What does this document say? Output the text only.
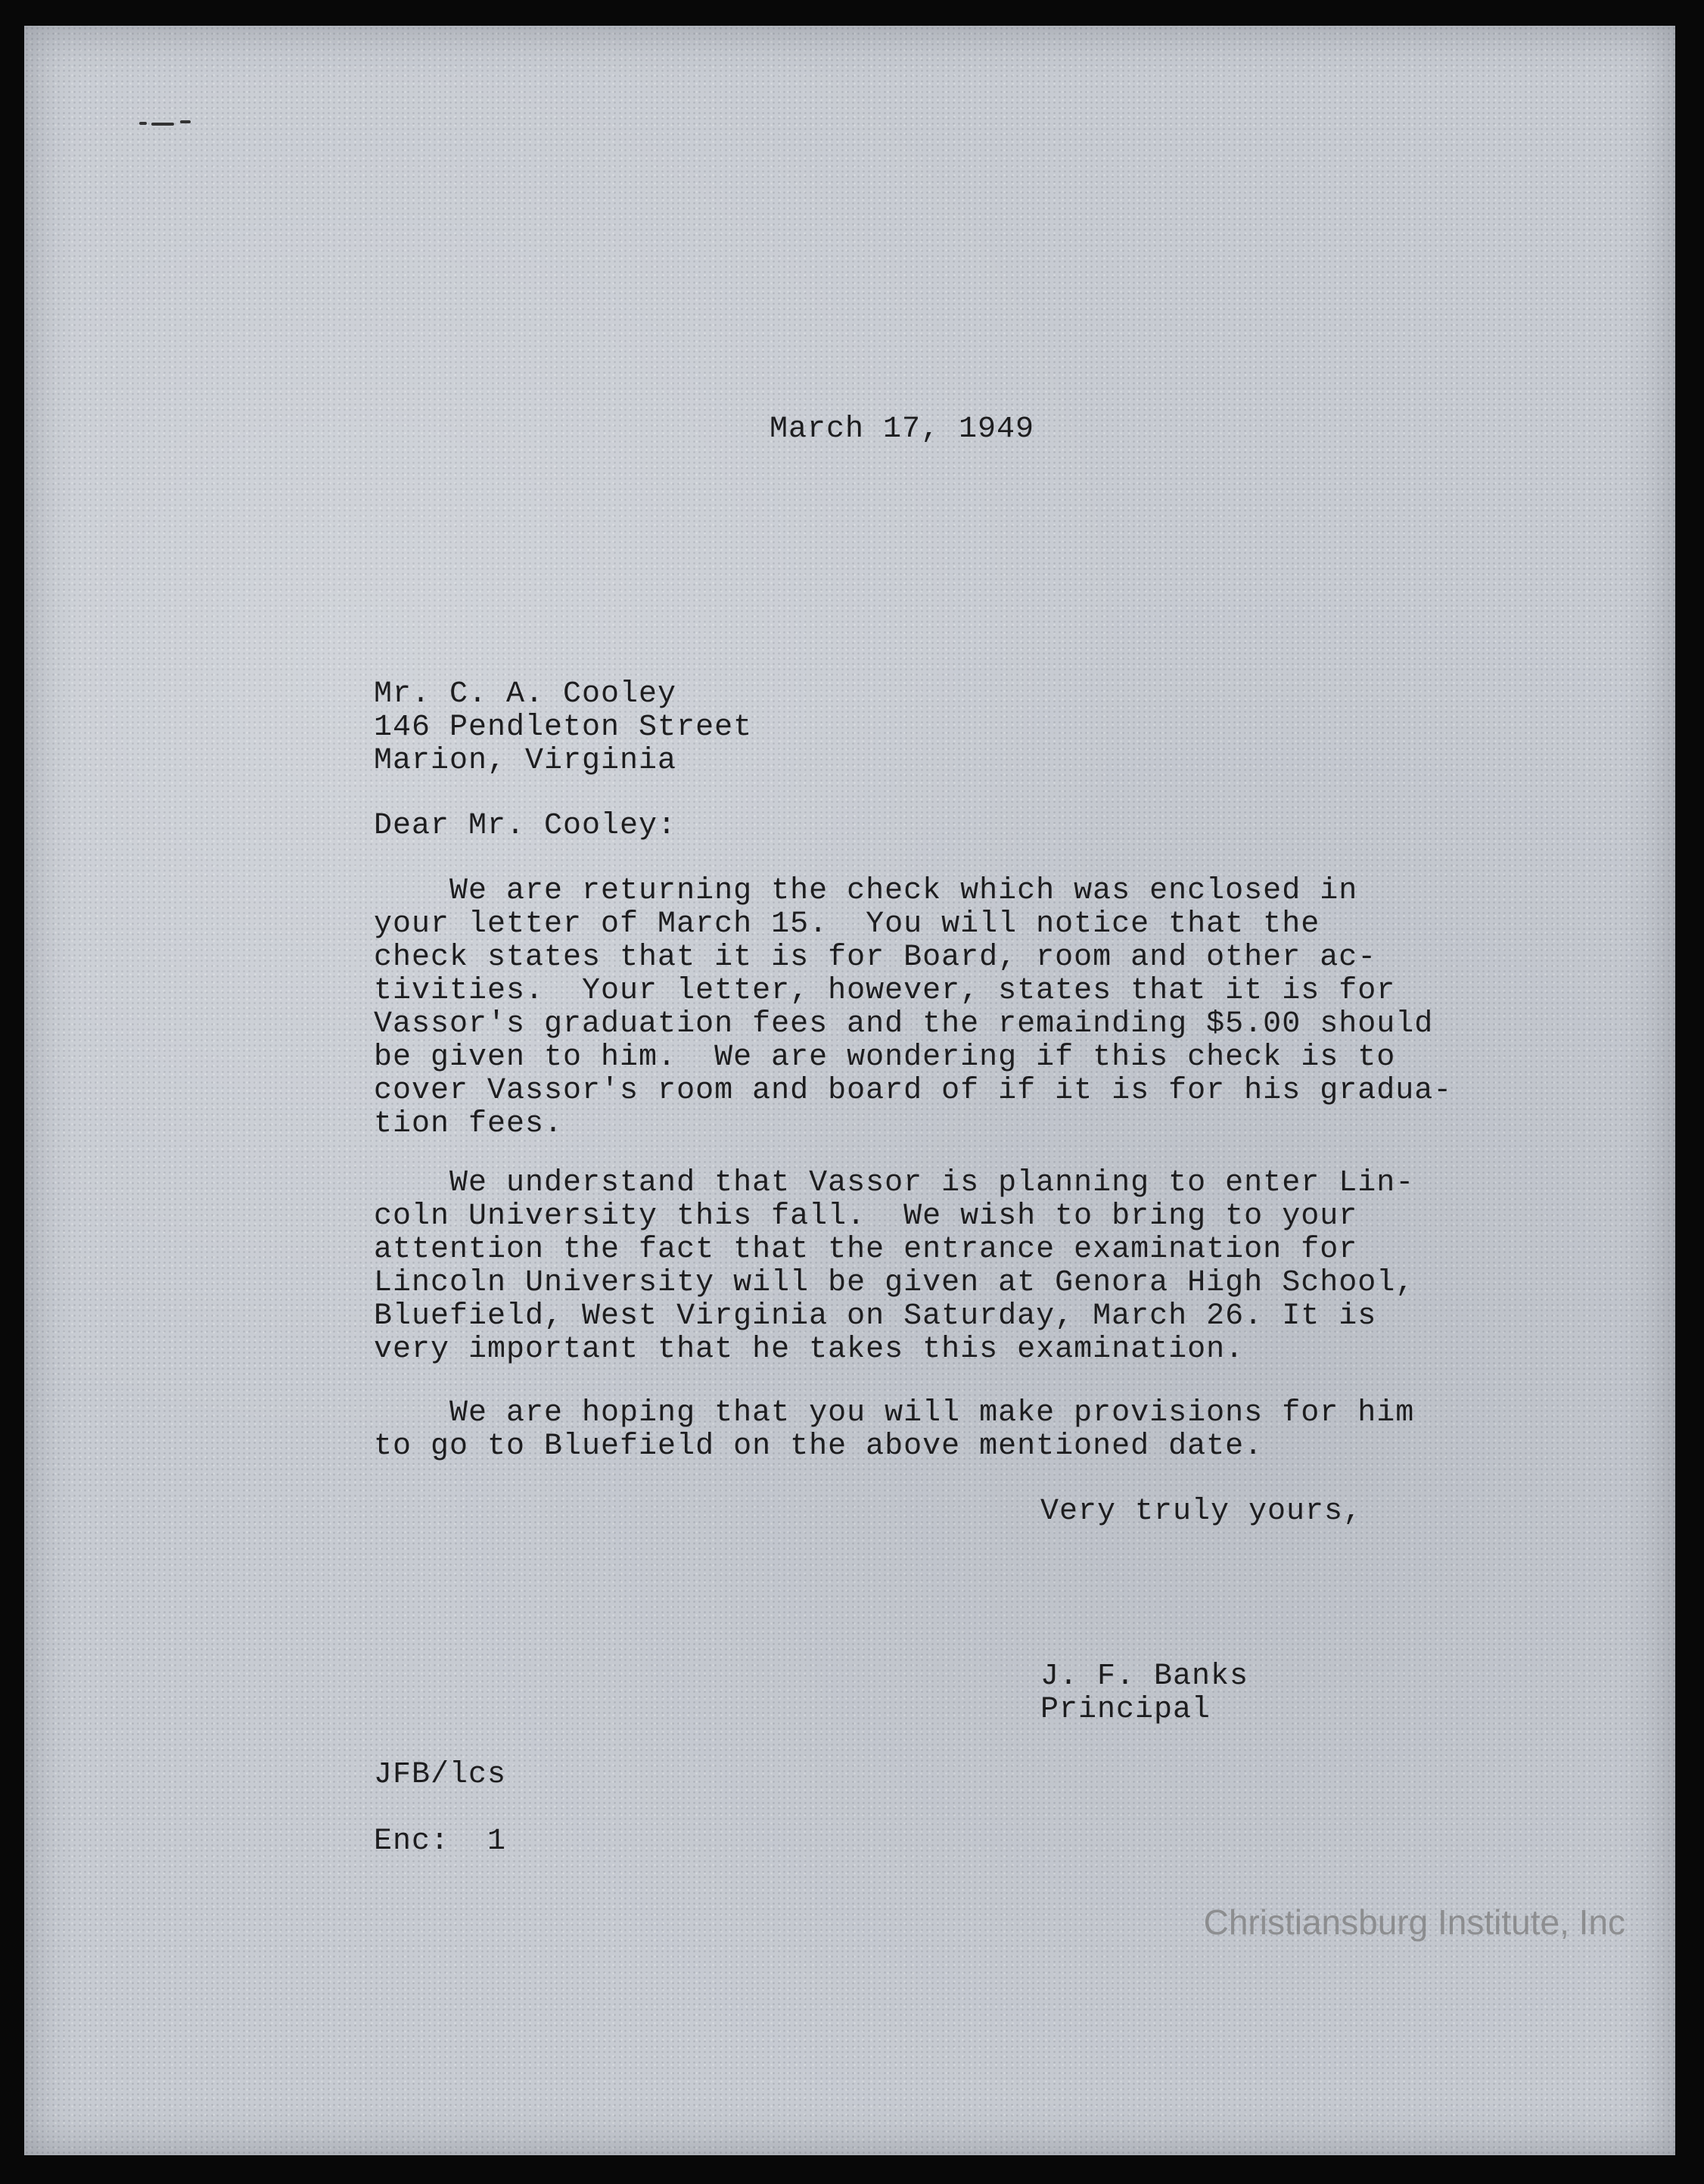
March 17, 1949
Mr. C. A. Cooley
146 Pendleton Street
Marion, Virginia
Dear Mr. Cooley:
We are returning the check which was enclosed in
your letter of March 15.  You will notice that the
check states that it is for Board, room and other ac-
tivities.  Your letter, however, states that it is for
Vassor's graduation fees and the remainding $5.00 should
be given to him.  We are wondering if this check is to
cover Vassor's room and board of if it is for his gradua-
tion fees.
We understand that Vassor is planning to enter Lin-
coln University this fall.  We wish to bring to your
attention the fact that the entrance examination for
Lincoln University will be given at Genora High School,
Bluefield, West Virginia on Saturday, March 26. It is
very important that he takes this examination.
We are hoping that you will make provisions for him
to go to Bluefield on the above mentioned date.
Very truly yours,
J. F. Banks
Principal
JFB/lcs
Enc:  1
Christiansburg Institute, Inc
